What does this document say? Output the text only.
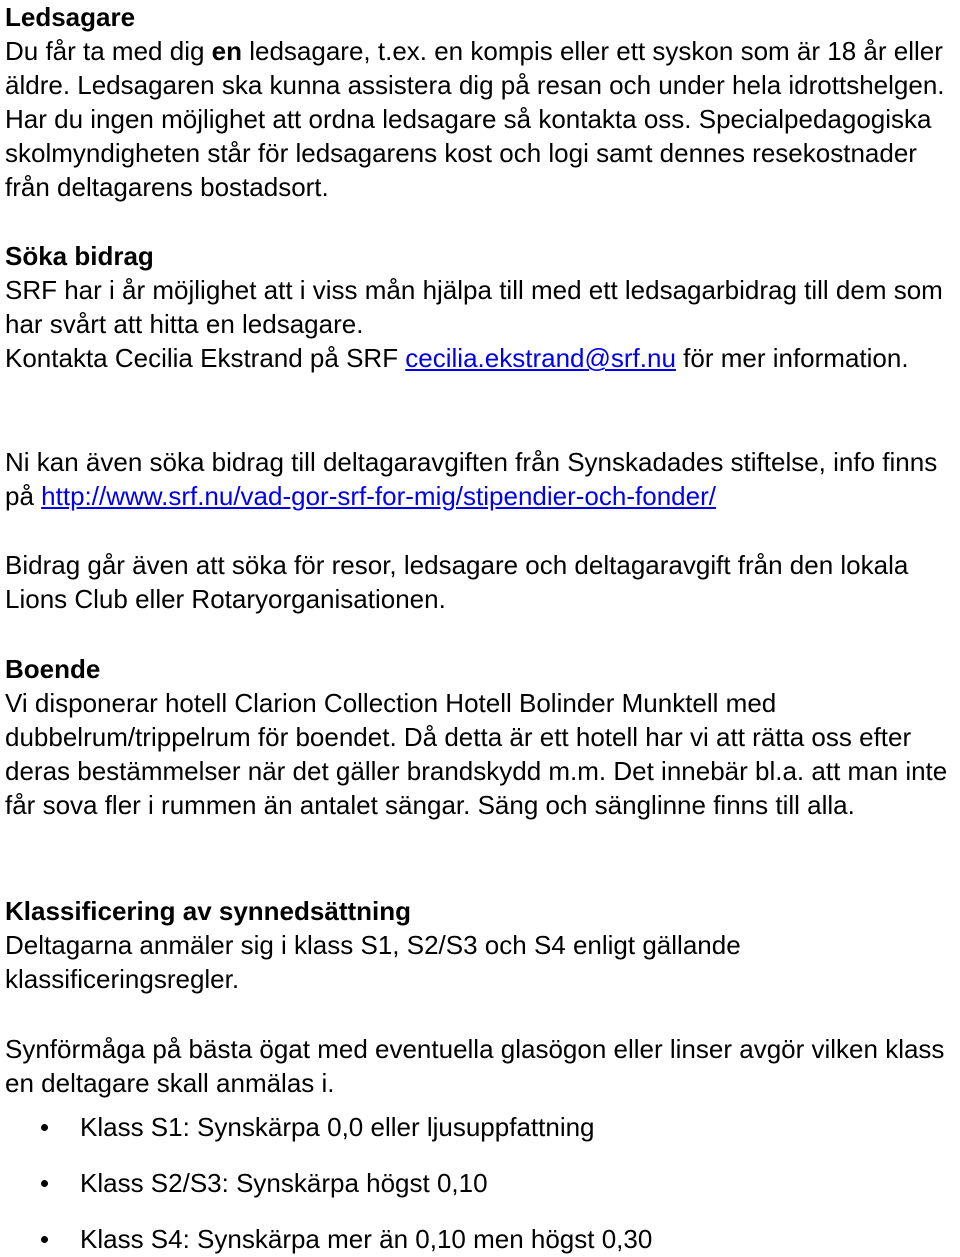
Ledsagare

Du får ta med dig en ledsagare, t.ex. en kompis eller ett syskon som är 18 år eller äldre. Ledsagaren ska kunna assistera dig på resan och under hela idrottshelgen. Har du ingen möjlighet att ordna ledsagare så kontakta oss. Specialpedagogiska skolmyndigheten står för ledsagarens kost och logi samt dennes resekostnader från deltagarens bostadsort.

Söka bidrag

SRF har i år möjlighet att i viss mån hjälpa till med ett ledsagarbidrag till dem som har svårt att hitta en ledsagare.

Kontakta Cecilia Ekstrand på SRF cecilia.ekstrand@srf.nu för mer information.

Ni kan även söka bidrag till deltagaravgiften från Synskadades stiftelse, info finns på http://www.srf.nu/vad-gor-srf-for-mig/stipendier-och-fonder/

Bidrag går även att söka för resor, ledsagare och deltagaravgift från den lokala Lions Club eller Rotaryorganisationen.

Boende

Vi disponerar hotell Clarion Collection Hotell Bolinder Munktell med dubbelrum/trippelrum för boendet. Då detta är ett hotell har vi att rätta oss efter deras bestämmelser när det gäller brandskydd m.m. Det innebär bl.a. att man inte får sova fler i rummen än antalet sängar. Säng och sänglinne finns till alla.

Klassificering av synnedsättning

Deltagarna anmäler sig i klass S1, S2/S3 och S4 enligt gällande klassificeringsregler.

Synförmåga på bästa ögat med eventuella glasögon eller linser avgör vilken klass en deltagare skall anmälas i.

Klass S1: Synskärpa 0,0 eller ljusuppfattning
Klass S2/S3: Synskärpa högst 0,10
Klass S4: Synskärpa mer än 0,10 men högst 0,30
